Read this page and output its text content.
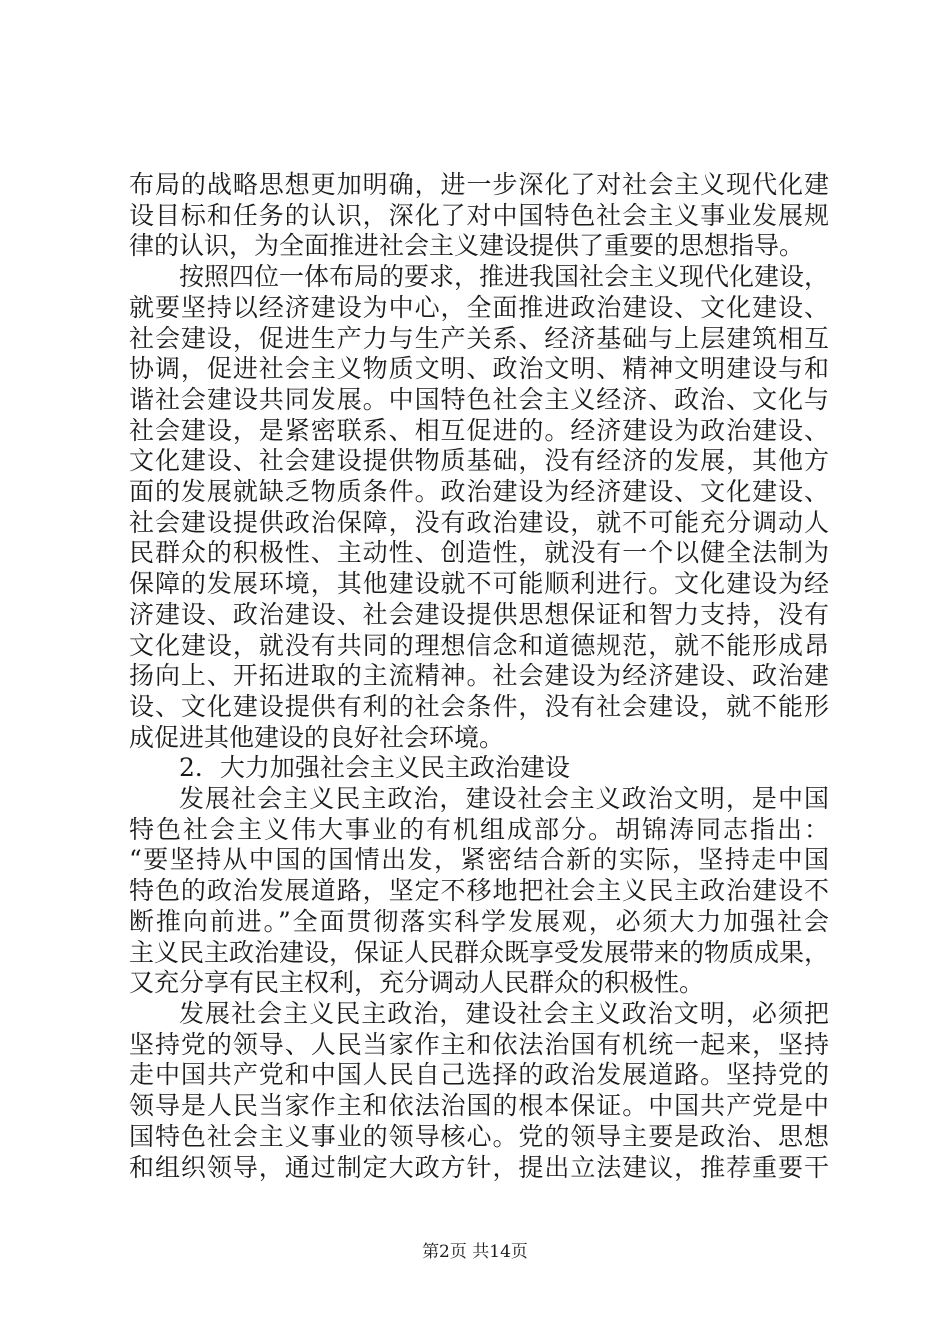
布局的战略思想更加明确，进一步深化了对社会主义现代化建
设目标和任务的认识，深化了对中国特色社会主义事业发展规
律的认识，为全面推进社会主义建设提供了重要的思想指导。
按照四位一体布局的要求，推进我国社会主义现代化建设，
就要坚持以经济建设为中心，全面推进政治建设、文化建设、
社会建设，促进生产力与生产关系、经济基础与上层建筑相互
协调，促进社会主义物质文明、政治文明、精神文明建设与和
谐社会建设共同发展。中国特色社会主义经济、政治、文化与
社会建设，是紧密联系、相互促进的。经济建设为政治建设、
文化建设、社会建设提供物质基础，没有经济的发展，其他方
面的发展就缺乏物质条件。政治建设为经济建设、文化建设、
社会建设提供政治保障，没有政治建设，就不可能充分调动人
民群众的积极性、主动性、创造性，就没有一个以健全法制为
保障的发展环境，其他建设就不可能顺利进行。文化建设为经
济建设、政治建设、社会建设提供思想保证和智力支持，没有
文化建设，就没有共同的理想信念和道德规范，就不能形成昂
扬向上、开拓进取的主流精神。社会建设为经济建设、政治建
设、文化建设提供有利的社会条件，没有社会建设，就不能形
成促进其他建设的良好社会环境。
2．大力加强社会主义民主政治建设
发展社会主义民主政治，建设社会主义政治文明，是中国
特色社会主义伟大事业的有机组成部分。胡锦涛同志指出：
“要坚持从中国的国情出发，紧密结合新的实际，坚持走中国
特色的政治发展道路，坚定不移地把社会主义民主政治建设不
断推向前进。”全面贯彻落实科学发展观，必须大力加强社会
主义民主政治建设，保证人民群众既享受发展带来的物质成果，
又充分享有民主权利，充分调动人民群众的积极性。
发展社会主义民主政治，建设社会主义政治文明，必须把
坚持党的领导、人民当家作主和依法治国有机统一起来，坚持
走中国共产党和中国人民自己选择的政治发展道路。坚持党的
领导是人民当家作主和依法治国的根本保证。中国共产党是中
国特色社会主义事业的领导核心。党的领导主要是政治、思想
和组织领导，通过制定大政方针，提出立法建议，推荐重要干
第2页 共14页
